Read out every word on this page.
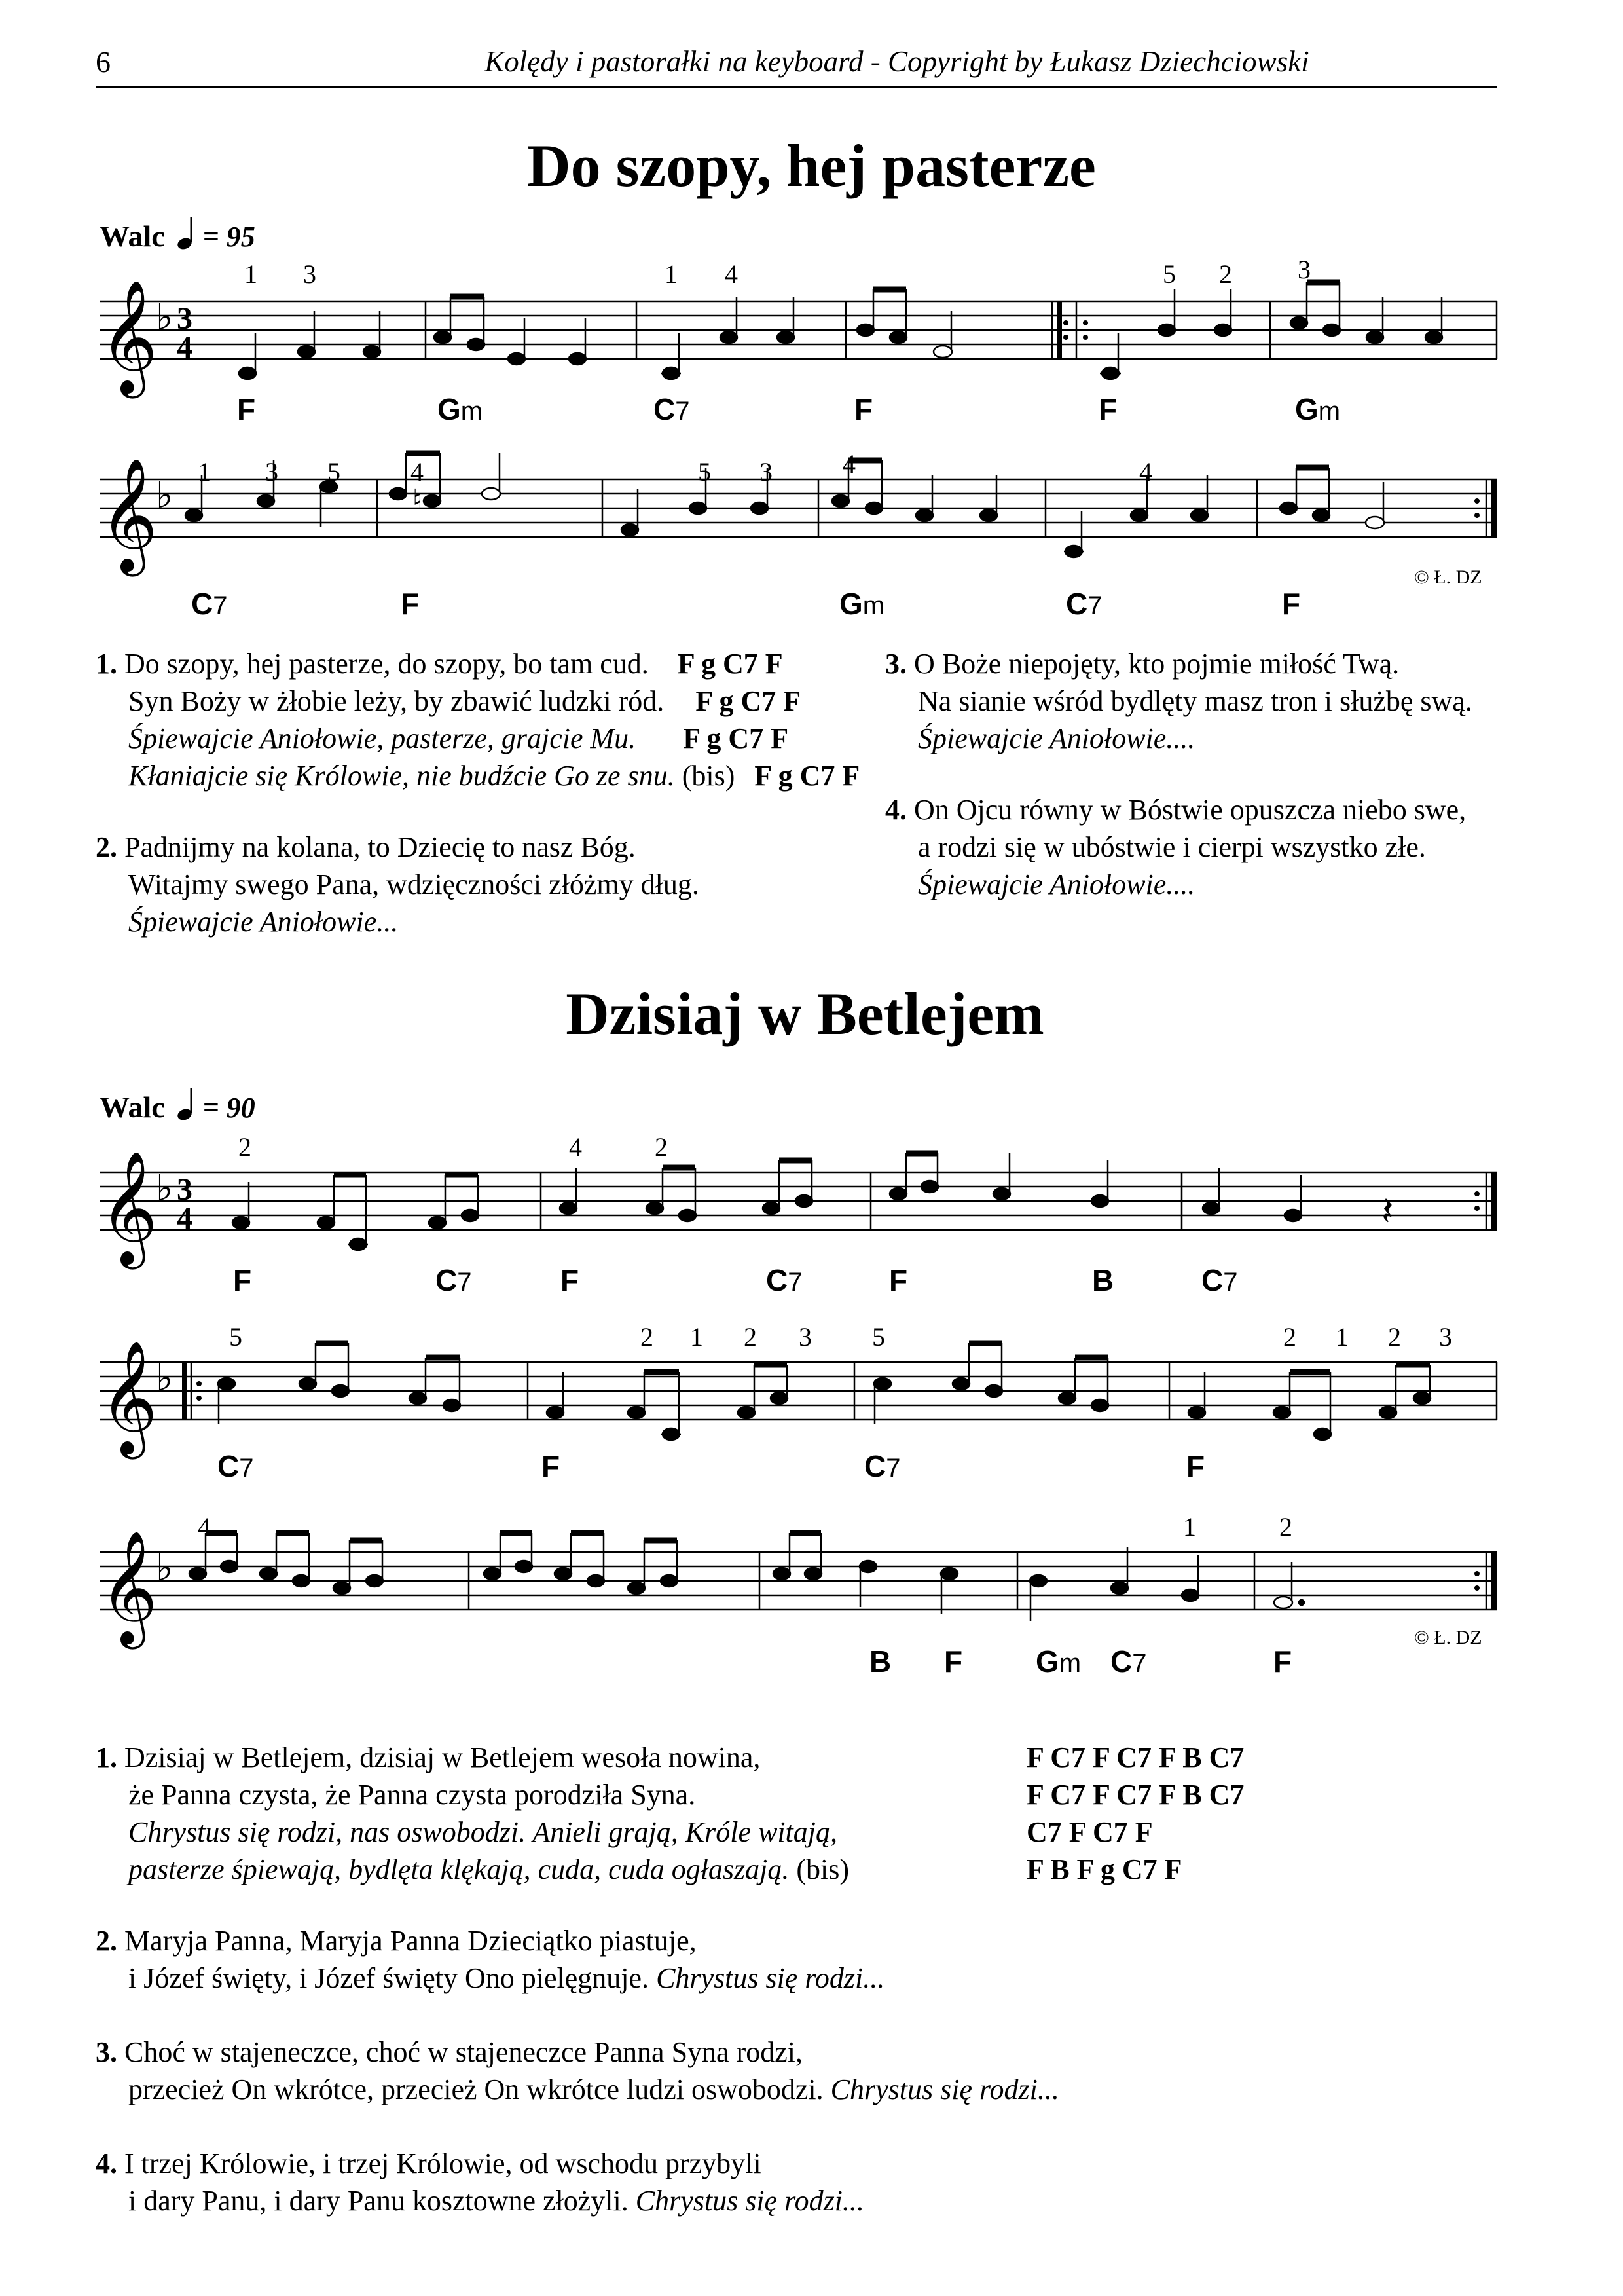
6	Kolędy i pastorałki na keyboard - Copyright by Łukasz Dziechciowski
Do szopy, hej pasterze
Walc = 95
𝄞
♭ 3
4
1 3	1 4	5 2	3
F	Gm	C7	F	F	Gm
𝄞
♭	♮
1 3 5	4	5 3	4	4
© Ł. DZ
C7	F	Gm	C7	F
1. Do szopy, hej pasterze, do szopy, bo tam cud. F g C7 F
Syn Boży w żłobie leży, by zbawić ludzki ród. F g C7 F
Śpiewajcie Aniołowie, pasterze, grajcie Mu. F g C7 F
Kłaniajcie się Królowie, nie budźcie Go ze snu. (bis) F g C7 F
2. Padnijmy na kolana, to Dziecię to nasz Bóg.
Witajmy swego Pana, wdzięczności złóżmy dług.
Śpiewajcie Aniołowie...
3. O Boże niepojęty, kto pojmie miłość Twą.
Na sianie wśród bydlęty masz tron i służbę swą.
Śpiewajcie Aniołowie....
4. On Ojcu równy w Bóstwie opuszcza niebo swe,
a rodzi się w ubóstwie i cierpi wszystko złe.
Śpiewajcie Aniołowie....
Dzisiaj w Betlejem
Walc = 90
𝄞
♭ 3
4	𝄽
2	4	2
F	C7	F	C7	F	B	C7
𝄞
♭
5	2 1 2 3 5	2 1 2 3
C7	F	C7	F
𝄞
♭
4	1	2
© Ł. DZ
B F Gm C7	F
1. Dzisiaj w Betlejem, dzisiaj w Betlejem wesoła nowina,
że Panna czysta, że Panna czysta porodziła Syna.
Chrystus się rodzi, nas oswobodzi. Anieli grają, Króle witają,
pasterze śpiewają, bydlęta klękają, cuda, cuda ogłaszają. (bis)
F C7 F C7 F B C7
F C7 F C7 F B C7
C7 F C7 F
F B F g C7 F
2. Maryja Panna, Maryja Panna Dzieciątko piastuje,
i Józef święty, i Józef święty Ono pielęgnuje. Chrystus się rodzi...
3. Choć w stajeneczce, choć w stajeneczce Panna Syna rodzi,
przecież On wkrótce, przecież On wkrótce ludzi oswobodzi. Chrystus się rodzi...
4. I trzej Królowie, i trzej Królowie, od wschodu przybyli
i dary Panu, i dary Panu kosztowne złożyli. Chrystus się rodzi...
